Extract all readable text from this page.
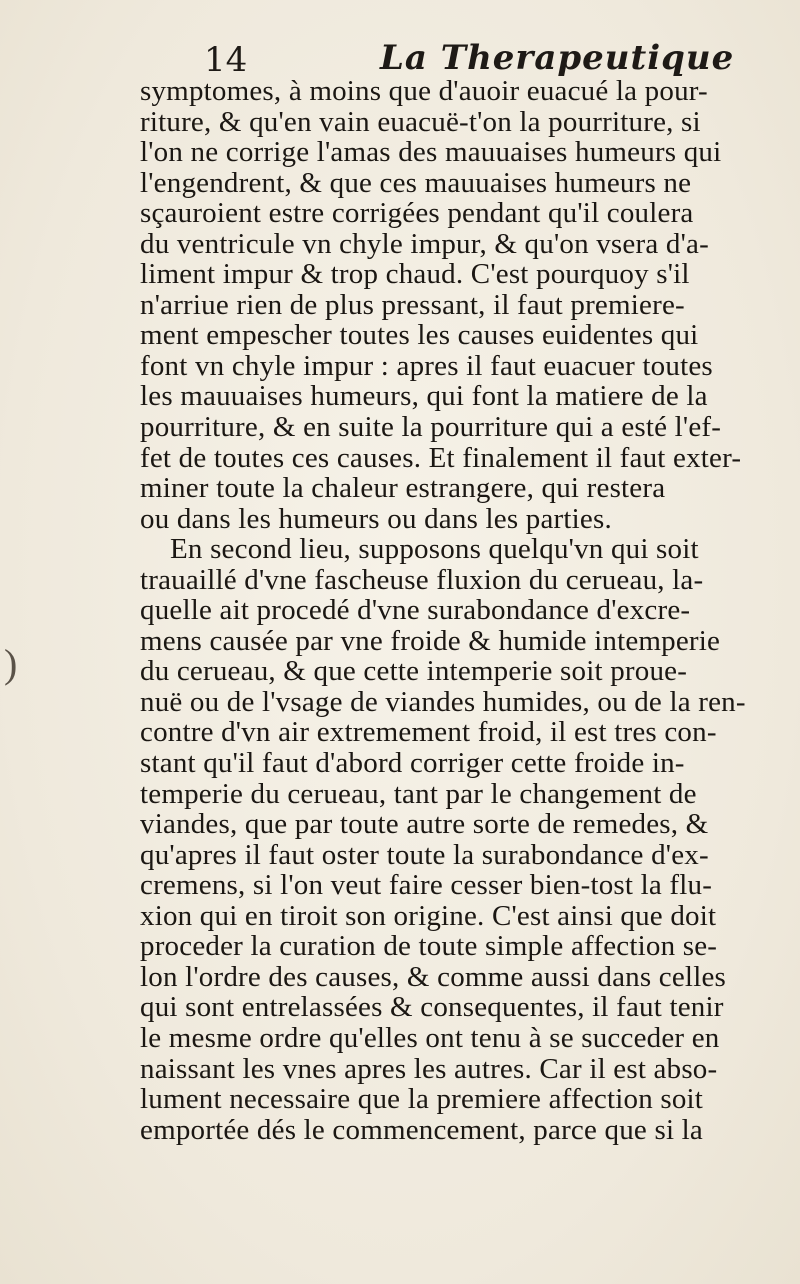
14	La Therapeutique
)
symptomes, à moins que d'auoir euacué la pour-
riture, & qu'en vain euacuë-t'on la pourriture, si
l'on ne corrige l'amas des mauuaises humeurs qui
l'engendrent, & que ces mauuaises humeurs ne
sçauroient estre corrigées pendant qu'il coulera
du ventricule vn chyle impur, & qu'on vsera d'a-
liment impur & trop chaud. C'est pourquoy s'il
n'arriue rien de plus pressant, il faut premiere-
ment empescher toutes les causes euidentes qui
font vn chyle impur : apres il faut euacuer toutes
les mauuaises humeurs, qui font la matiere de la
pourriture, & en suite la pourriture qui a esté l'ef-
fet de toutes ces causes. Et finalement il faut exter-
miner toute la chaleur estrangere, qui restera
ou dans les humeurs ou dans les parties.
En second lieu, supposons quelqu'vn qui soit
trauaillé d'vne fascheuse fluxion du cerueau, la-
quelle ait procedé d'vne surabondance d'excre-
mens causée par vne froide & humide intemperie
du cerueau, & que cette intemperie soit proue-
nuë ou de l'vsage de viandes humides, ou de la ren-
contre d'vn air extremement froid, il est tres con-
stant qu'il faut d'abord corriger cette froide in-
temperie du cerueau, tant par le changement de
viandes, que par toute autre sorte de remedes, &
qu'apres il faut oster toute la surabondance d'ex-
cremens, si l'on veut faire cesser bien-tost la flu-
xion qui en tiroit son origine. C'est ainsi que doit
proceder la curation de toute simple affection se-
lon l'ordre des causes, & comme aussi dans celles
qui sont entrelassées & consequentes, il faut tenir
le mesme ordre qu'elles ont tenu à se succeder en
naissant les vnes apres les autres. Car il est abso-
lument necessaire que la premiere affection soit
emportée dés le commencement, parce que si la
